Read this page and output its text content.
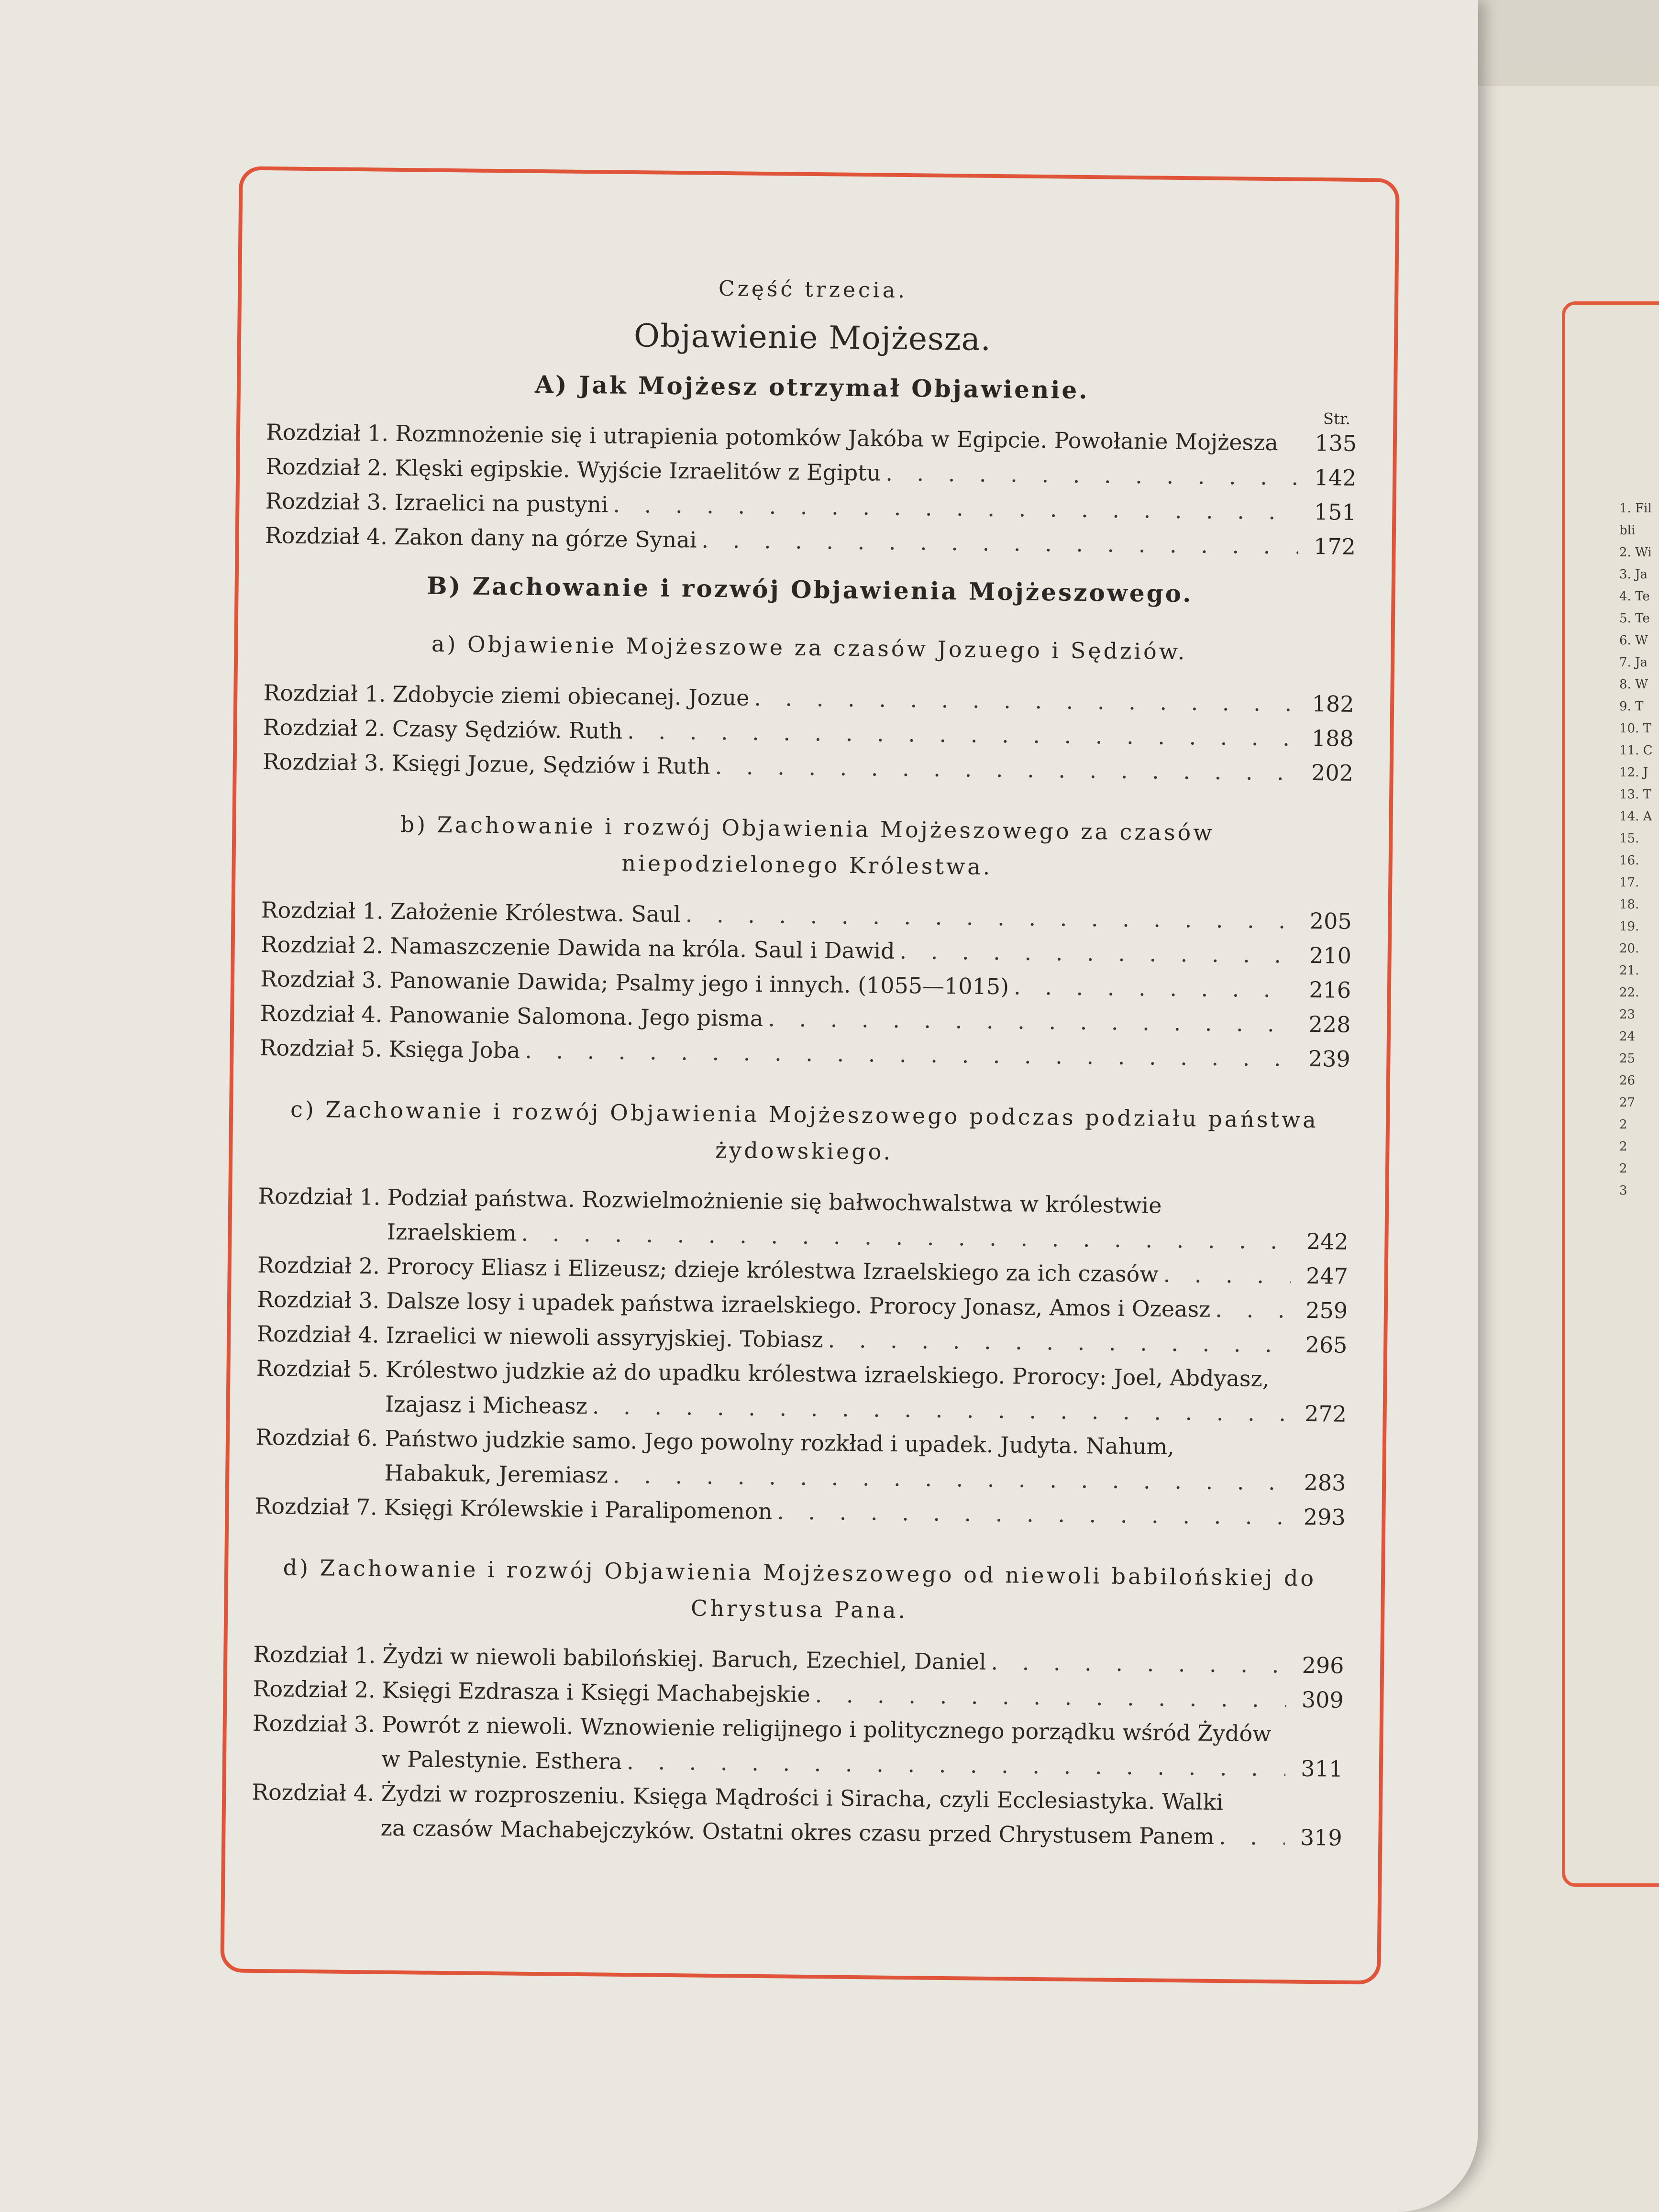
1. Fil
bli
2. Wi
3. Ja
4. Te
5. Te
6. W
7. Ja
8. W
9. T
10. T
11. C
12. J
13. T
14. A
15.
16.
17.
18.
19.
20.
21.
22.
23
24
25
26
27
2
2
2
3
Część trzecia.
Objawienie Mojżesza.
A) Jak Mojżesz otrzymał Objawienie.
Str.
Rozdział 1. Rozmnożenie się i utrapienia potomków Jakóba w Egipcie. Powołanie Mojżesza	135
Rozdział 2. Klęski egipskie. Wyjście Izraelitów z Egiptu . . .	142
Rozdział 3. Izraelici na pustyni . . .	151
Rozdział 4. Zakon dany na górze Synai . . .	172
B) Zachowanie i rozwój Objawienia Mojżeszowego.
a) Objawienie Mojżeszowe za czasów Jozuego i Sędziów.
Rozdział 1. Zdobycie ziemi obiecanej. Jozue . . .	182
Rozdział 2. Czasy Sędziów. Ruth . . .	188
Rozdział 3. Księgi Jozue, Sędziów i Ruth . . .	202
b) Zachowanie i rozwój Objawienia Mojżeszowego za czasów niepodzielonego Królestwa.
Rozdział 1. Założenie Królestwa. Saul . . .	205
Rozdział 2. Namaszczenie Dawida na króla. Saul i Dawid . . .	210
Rozdział 3. Panowanie Dawida; Psalmy jego i innych. (1055—1015) . . .	216
Rozdział 4. Panowanie Salomona. Jego pisma . . .	228
Rozdział 5. Księga Joba . . .	239
c) Zachowanie i rozwój Objawienia Mojżeszowego podczas podziału państwa żydowskiego.
Rozdział 1. Podział państwa. Rozwielmożnienie się bałwochwalstwa w królestwie
Izraelskiem . . .	242
Rozdział 2. Prorocy Eliasz i Elizeusz; dzieje królestwa Izraelskiego za ich czasów . . .	247
Rozdział 3. Dalsze losy i upadek państwa izraelskiego. Prorocy Jonasz, Amos i Ozeasz . . .	259
Rozdział 4. Izraelici w niewoli assyryjskiej. Tobiasz . . .	265
Rozdział 5. Królestwo judzkie aż do upadku królestwa izraelskiego. Prorocy: Joel, Abdyasz,
Izajasz i Micheasz . . .	272
Rozdział 6. Państwo judzkie samo. Jego powolny rozkład i upadek. Judyta. Nahum,
Habakuk, Jeremiasz . . .	283
Rozdział 7. Księgi Królewskie i Paralipomenon . . .	293
d) Zachowanie i rozwój Objawienia Mojżeszowego od niewoli babilońskiej do Chrystusa Pana.
Rozdział 1. Żydzi w niewoli babilońskiej. Baruch, Ezechiel, Daniel . . .	296
Rozdział 2. Księgi Ezdrasza i Księgi Machabejskie . . .	309
Rozdział 3. Powrót z niewoli. Wznowienie religijnego i politycznego porządku wśród Żydów
w Palestynie. Esthera . . .	311
Rozdział 4. Żydzi w rozproszeniu. Księga Mądrości i Siracha, czyli Ecclesiastyka. Walki
za czasów Machabejczyków. Ostatni okres czasu przed Chrystusem Panem . . .	319
